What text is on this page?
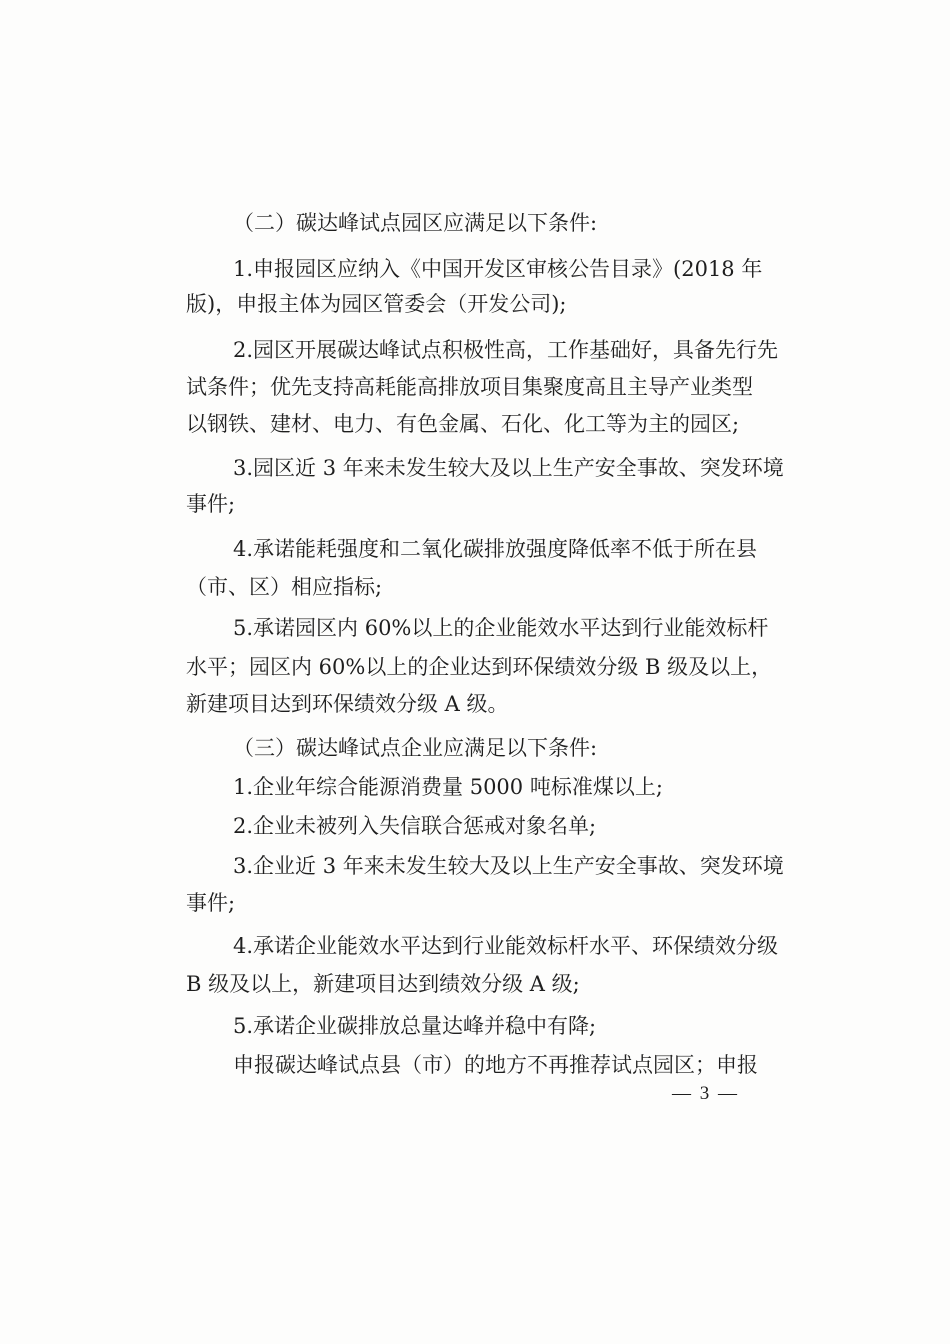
（二）碳达峰试点园区应满足以下条件:

1.申报园区应纳入《中国开发区审核公告目录》(2018 年

版)，申报主体为园区管委会（开发公司);

2.园区开展碳达峰试点积极性高，工作基础好，具备先行先

试条件；优先支持高耗能高排放项目集聚度高且主导产业类型

以钢铁、建材、电力、有色金属、石化、化工等为主的园区;

3.园区近 3 年来未发生较大及以上生产安全事故、突发环境

事件;

4.承诺能耗强度和二氧化碳排放强度降低率不低于所在县

（市、区）相应指标;

5.承诺园区内 60%以上的企业能效水平达到行业能效标杆

水平；园区内 60%以上的企业达到环保绩效分级 B 级及以上，

新建项目达到环保绩效分级 A 级。

（三）碳达峰试点企业应满足以下条件:

1.企业年综合能源消费量 5000 吨标准煤以上;

2.企业未被列入失信联合惩戒对象名单;

3.企业近 3 年来未发生较大及以上生产安全事故、突发环境

事件;

4.承诺企业能效水平达到行业能效标杆水平、环保绩效分级

B 级及以上，新建项目达到绩效分级 A 级;

5.承诺企业碳排放总量达峰并稳中有降;

申报碳达峰试点县（市）的地方不再推荐试点园区；申报

— 3 —
